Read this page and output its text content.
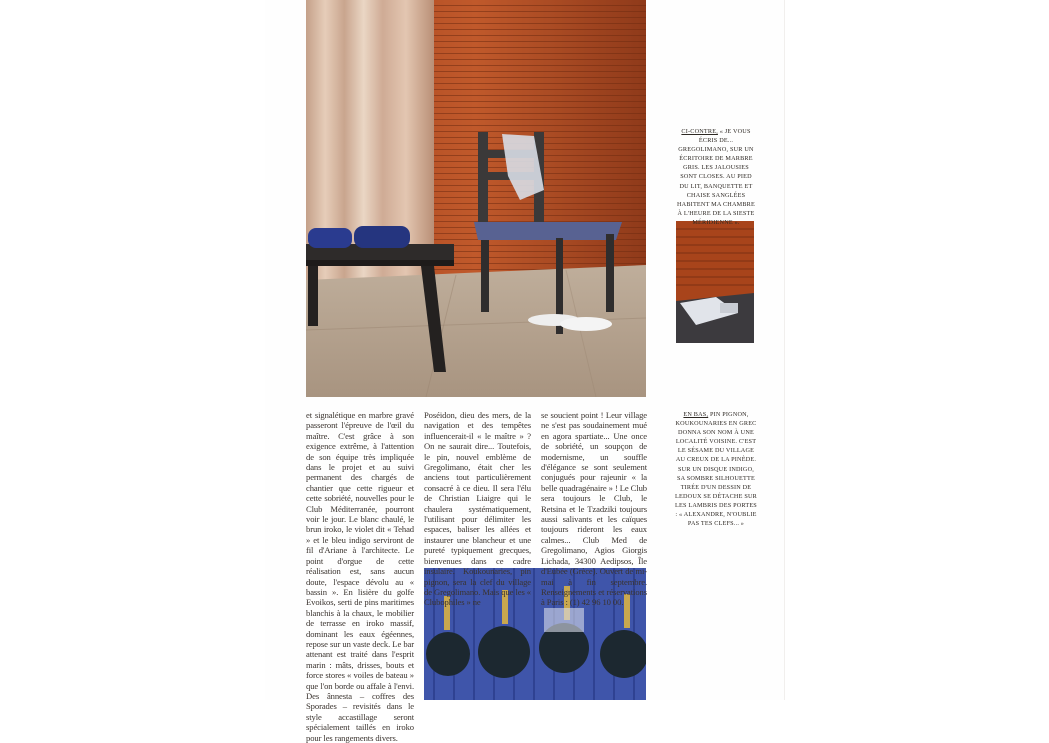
et signalétique en marbre gravé passeront l'épreuve de l'œil du maître. C'est grâce à son exigence extrême, à l'attention de son équipe très impliquée dans le projet et au suivi permanent des chargés de chantier que cette rigueur et cette sobriété, nouvelles pour le Club Méditerranée, pourront voir le jour. Le blanc chaulé, le brun iroko, le violet dit « Tehad » et le bleu indigo serviront de fil d'Ariane à l'architecte. Le point d'orgue de cette réalisation est, sans aucun doute, l'espace dévolu au « bassin ». En lisière du golfe Evoikos, serti de pins maritimes blanchis à la chaux, le mobilier de terrasse en iroko massif, dominant les eaux égéennes, repose sur un vaste deck. Le bar attenant est traité dans l'esprit marin : mâts, drisses, bouts et force stores « voiles de bateau » que l'on borde ou affale à l'envi. Des ânnesta – coffres des Sporades – revisités dans le style accastillage seront spécialement taillés en iroko pour les rangements divers.

Poséidon, dieu des mers, de la navigation et des tempêtes influencerait-il « le maître » ? On ne saurait dire... Toutefois, le pin, nouvel emblème de Gregolimano, était cher les anciens tout particulièrement consacré à ce dieu. Il sera l'élu de Christian Liaigre qui le chaulera systématiquement, l'utilisant pour délimiter les espaces, baliser les allées et instaurer une blancheur et une pureté typiquement grecques, bienvenues dans ce cadre insulaire. Koukounaries, pin pignon, sera la clef du village de Gregolimano. Mais que les « Clubophiles » ne

se soucient point ! Leur village ne s'est pas soudainement mué en agora spartiate... Une once de sobriété, un soupçon de modernisme, un souffle d'élégance se sont seulement conjugués pour rajeunir « la belle quadragénaire » ! Le Club sera toujours le Club, le Retsina et le Tzadziki toujours aussi salivants et les caïques toujours rideront les eaux calmes... Club Med de Gregolimano, Agios Giorgis Lichada, 34300 Aedipsos, Île d'Eubée (Grèce). Ouvert de mi-mai à fin septembre. Renseignements et réservations à Paris : (1) 42 96 10 00.

CI-CONTRE, « JE VOUS ÉCRIS DE... GREGOLIMANO, SUR UN ÉCRITOIRE DE MARBRE GRIS. LES JALOUSIES SONT CLOSES. AU PIED DU LIT, BANQUETTE ET CHAISE SANGLÉES HABITENT MA CHAMBRE À L'HEURE DE LA SIESTE MÉRIDIENNE ».
EN BAS, PIN PIGNON, KOUKOUNARIES EN GREC DONNA SON NOM À UNE LOCALITÉ VOISINE. C'EST LE SÉSAME DU VILLAGE AU CREUX DE LA PINÈDE. SUR UN DISQUE INDIGO, SA SOMBRE SILHOUETTE TIRÉE D'UN DESSIN DE LEDOUX SE DÉTACHE SUR LES LAMBRIS DES PORTES : « ALEXANDRE, N'OUBLIE PAS TES CLEFS... »
